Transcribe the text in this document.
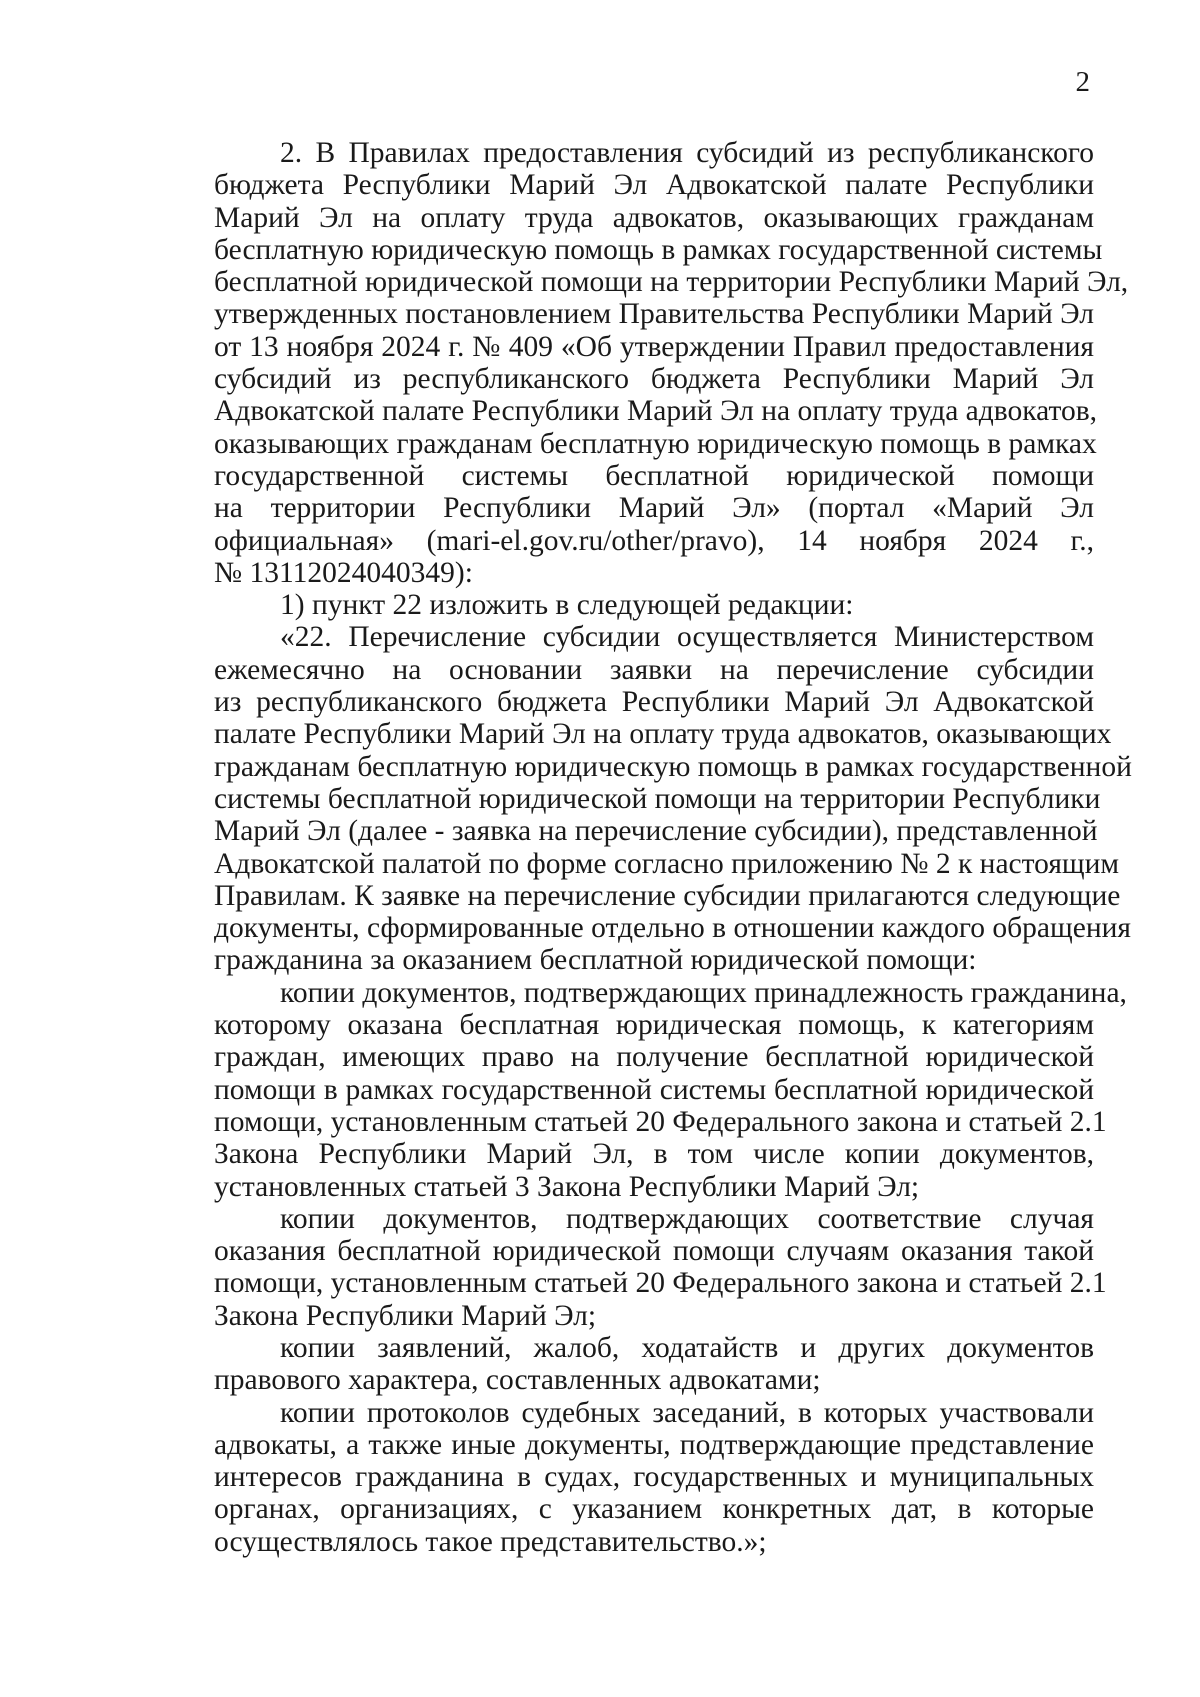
2
2. В Правилах предоставления субсидий из республиканского
бюджета Республики Марий Эл Адвокатской палате Республики
Марий Эл на оплату труда адвокатов, оказывающих гражданам
бесплатную юридическую помощь в рамках государственной системы
бесплатной юридической помощи на территории Республики Марий Эл,
утвержденных постановлением Правительства Республики Марий Эл
от 13 ноября 2024 г. № 409 «Об утверждении Правил предоставления
субсидий из республиканского бюджета Республики Марий Эл
Адвокатской палате Республики Марий Эл на оплату труда адвокатов,
оказывающих гражданам бесплатную юридическую помощь в рамках
государственной системы бесплатной юридической помощи
на территории Республики Марий Эл» (портал «Марий Эл
официальная» (mari-el.gov.ru/other/pravo), 14 ноября 2024 г.,
№ 13112024040349):
1) пункт 22 изложить в следующей редакции:
«22. Перечисление субсидии осуществляется Министерством
ежемесячно на основании заявки на перечисление субсидии
из республиканского бюджета Республики Марий Эл Адвокатской
палате Республики Марий Эл на оплату труда адвокатов, оказывающих
гражданам бесплатную юридическую помощь в рамках государственной
системы бесплатной юридической помощи на территории Республики
Марий Эл (далее - заявка на перечисление субсидии), представленной
Адвокатской палатой по форме согласно приложению № 2 к настоящим
Правилам. К заявке на перечисление субсидии прилагаются следующие
документы, сформированные отдельно в отношении каждого обращения
гражданина за оказанием бесплатной юридической помощи:
копии документов, подтверждающих принадлежность гражданина,
которому оказана бесплатная юридическая помощь, к категориям
граждан, имеющих право на получение бесплатной юридической
помощи в рамках государственной системы бесплатной юридической
помощи, установленным статьей 20 Федерального закона и статьей 2.1
Закона Республики Марий Эл, в том числе копии документов,
установленных статьей 3 Закона Республики Марий Эл;
копии документов, подтверждающих соответствие случая
оказания бесплатной юридической помощи случаям оказания такой
помощи, установленным статьей 20 Федерального закона и статьей 2.1
Закона Республики Марий Эл;
копии заявлений, жалоб, ходатайств и других документов
правового характера, составленных адвокатами;
копии протоколов судебных заседаний, в которых участвовали
адвокаты, а также иные документы, подтверждающие представление
интересов гражданина в судах, государственных и муниципальных
органах, организациях, с указанием конкретных дат, в которые
осуществлялось такое представительство.»;
